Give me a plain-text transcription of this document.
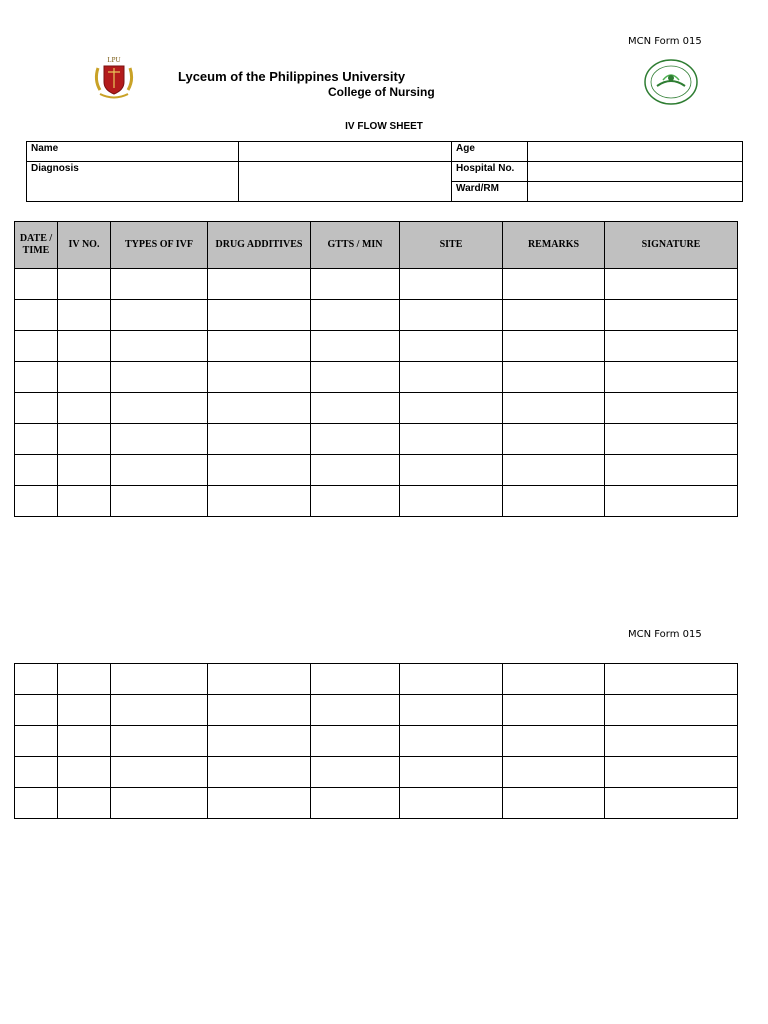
MCN Form 015
LPU
Lyceum of the Philippines University
College of Nursing
IV FLOW SHEET
Name		Age	
Diagnosis		Hospital No.	
		Ward/RM	
DATE / TIME	IV NO.	TYPES OF IVF	DRUG ADDITIVES	GTTS / MIN	SITE	REMARKS	SIGNATURE

MCN Form 015
